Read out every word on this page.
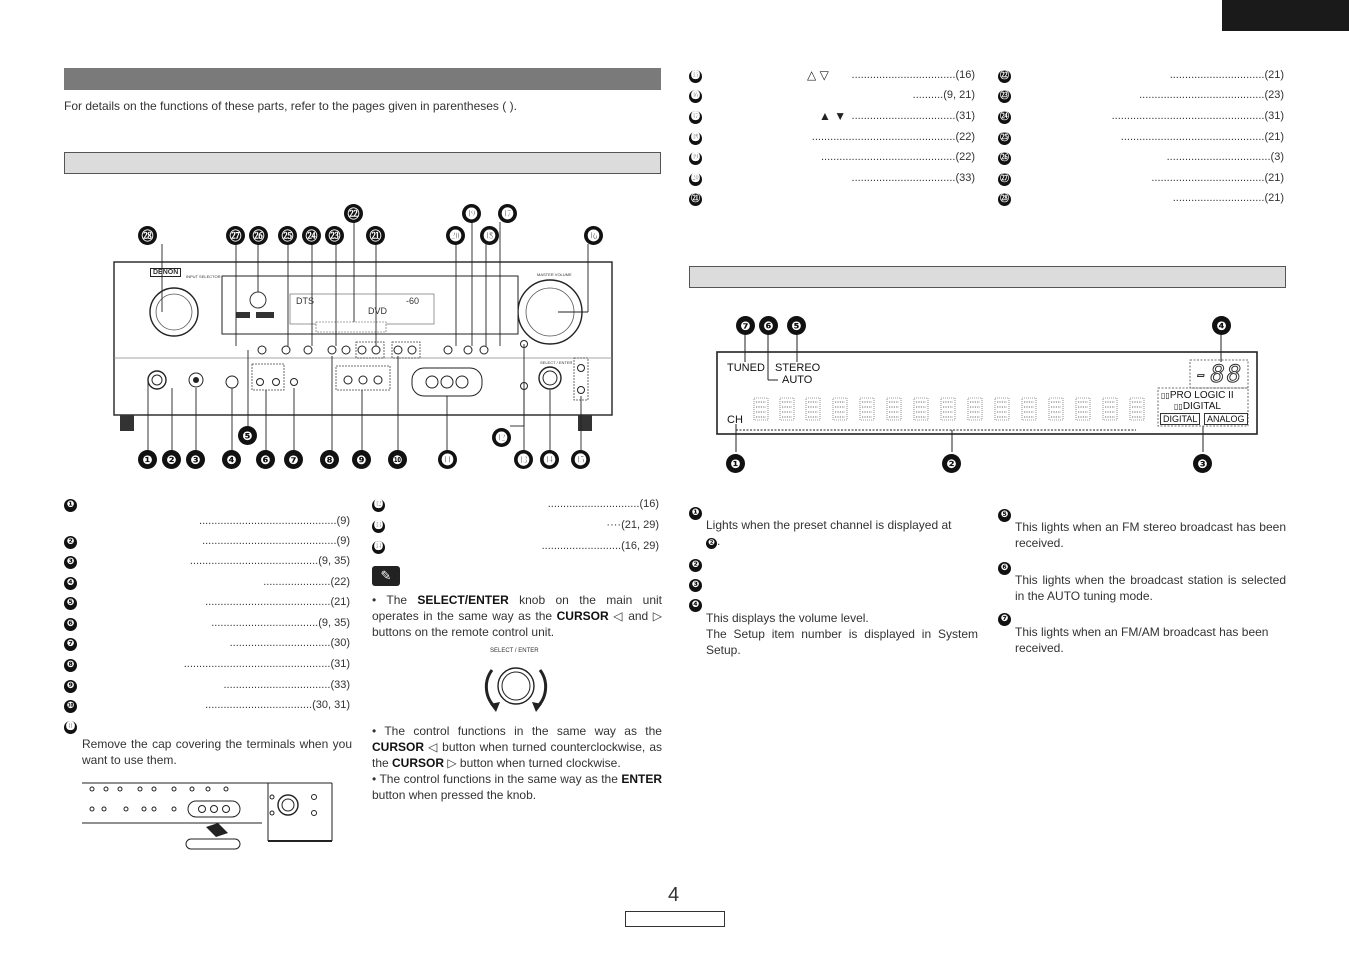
For details on the functions of these parts, refer to the pages given in parentheses ( ).
DENON
INPUT SELECTOR	MASTER VOLUME
DTS
DVD
-60
SELECT / ENTER
㉘	㉗ ㉖ ㉕ ㉔ ㉓
㉒
㉑	⓴
⓳
⓲
⓱
⓰
❺	⓬
❶	❷	❸	❹	❻	❼	❽	❾	❿	⓫	⓭ ⓮ ⓯
❶
.............................................(9)
❷	............................................(9)
❸	..........................................(9, 35)
❹	......................(22)
❺	.........................................(21)
❻	...................................(9, 35)
❼	.................................(30)
❽	................................................(31)
❾	...................................(33)
❿	...................................(30, 31)
⓫
Remove the cap covering the terminals when you want to use them.
⓬	..............................(16)
⓭	····(21, 29)
⓮	..........................(16, 29)
✎
• The SELECT/ENTER knob on the main unit operates in the same way as the CURSOR ◁ and ▷ buttons on the remote control unit.
SELECT / ENTER
• The control functions in the same way as the CURSOR ◁ button when turned counterclockwise, as the CURSOR ▷ button when turned clockwise.
• The control functions in the same way as the ENTER button when pressed the knob.
⓯	△ ▽ ..................................(16)
⓰	..........(9, 21)
⓱	▲ ▼ ..................................(31)
⓲	...............................................(22)
⓳	............................................(22)
⓴	..................................(33)
㉑
㉒	...............................(21)
㉓	.........................................(23)
㉔	..................................................(31)
㉕	...............................................(21)
㉖	..................................(3)
㉗	.....................................(21)
㉘	..............................(21)
TUNED STEREO
AUTO
CH
-88
▯▯PRO LOGIC II
▯▯DIGITAL
DIGITAL	ANALOG
❼	❻	❺	❹
❶	❷	❸
❶
Lights when the preset channel is displayed at
❷ .
❷
❸
❹
This displays the volume level.
The Setup item number is displayed in System Setup.
❺
This lights when an FM stereo broadcast has been received.
❻
This lights when the broadcast station is selected in the AUTO tuning mode.
❼
This lights when an FM/AM broadcast has been received.
4
